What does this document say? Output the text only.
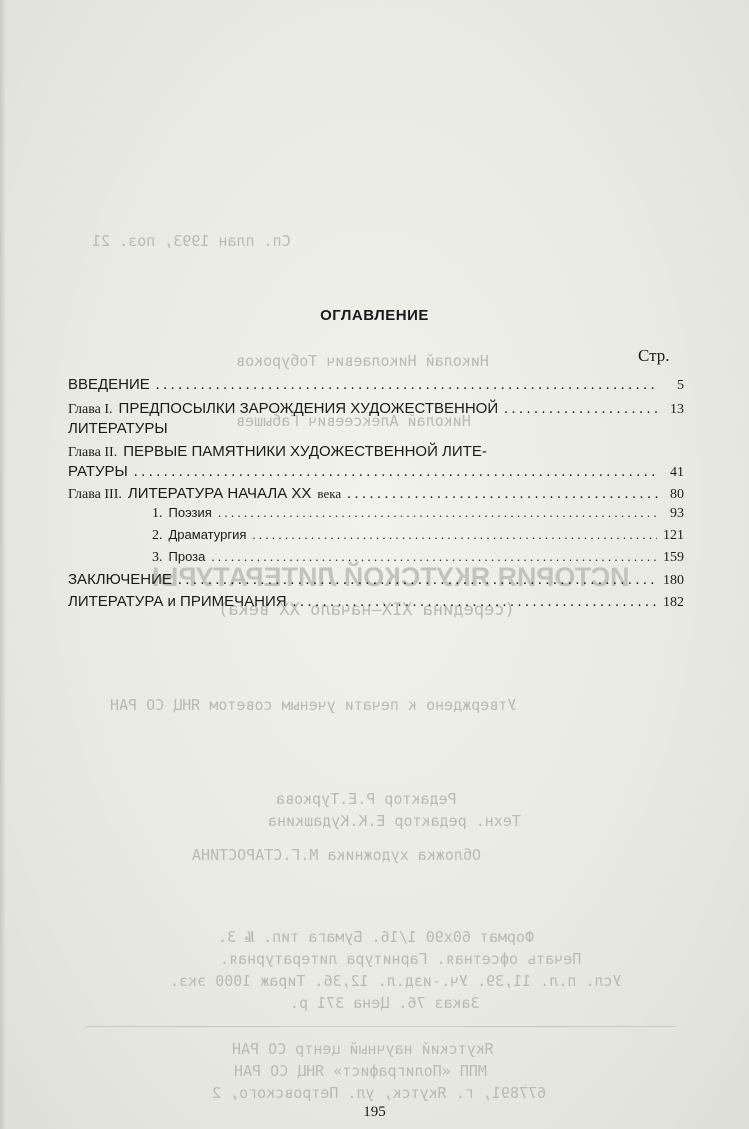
Сп. план 1993, поз. 21
Николай Николаевич Тобуроков
Николай Алексеевич Габышев
ИСТОРИЯ ЯКУТСКОЙ ЛИТЕРАТУРЫ
(середина XIX—начало XX века)
Утверждено к печати ученым советом ЯНЦ СО РАН
Редактор Р.Е.Туркова
Техн. редактор Е.К.Кудашкина
Обложка художника М.Г.СТАРОСТИНА
Формат 60x90 1/16. Бумага тип. № 3.
Печать офсетная. Гарнитура литературная.
Усл. п.л. 11,39. Уч.-изд.л. 12,36. Тираж 1000 экз.
Заказ 76. Цена 371 р.
Якутский научный центр СО РАН
МПП «Полиграфист» ЯНЦ СО РАН
677891, г. Якутск, ул. Петровского, 2
ОГЛАВЛЕНИЕ
Стр.
ВВЕДЕНИЕ . . .	5
Глава I. ПРЕДПОСЫЛКИ ЗАРОЖДЕНИЯ ХУДОЖЕСТВЕННОЙ . . .	13
ЛИТЕРАТУРЫ
Глава II. ПЕРВЫЕ ПАМЯТНИКИ ХУДОЖЕСТВЕННОЙ ЛИТЕ-
РАТУРЫ . . .	41
Глава III. ЛИТЕРАТУРА НАЧАЛА XX века . . .	80
1. Поэзия . . .	93
2. Драматургия . . .	121
3. Проза . . .	159
ЗАКЛЮЧЕНИЕ . . .	180
ЛИТЕРАТУРА и ПРИМЕЧАНИЯ . . .	182
195
